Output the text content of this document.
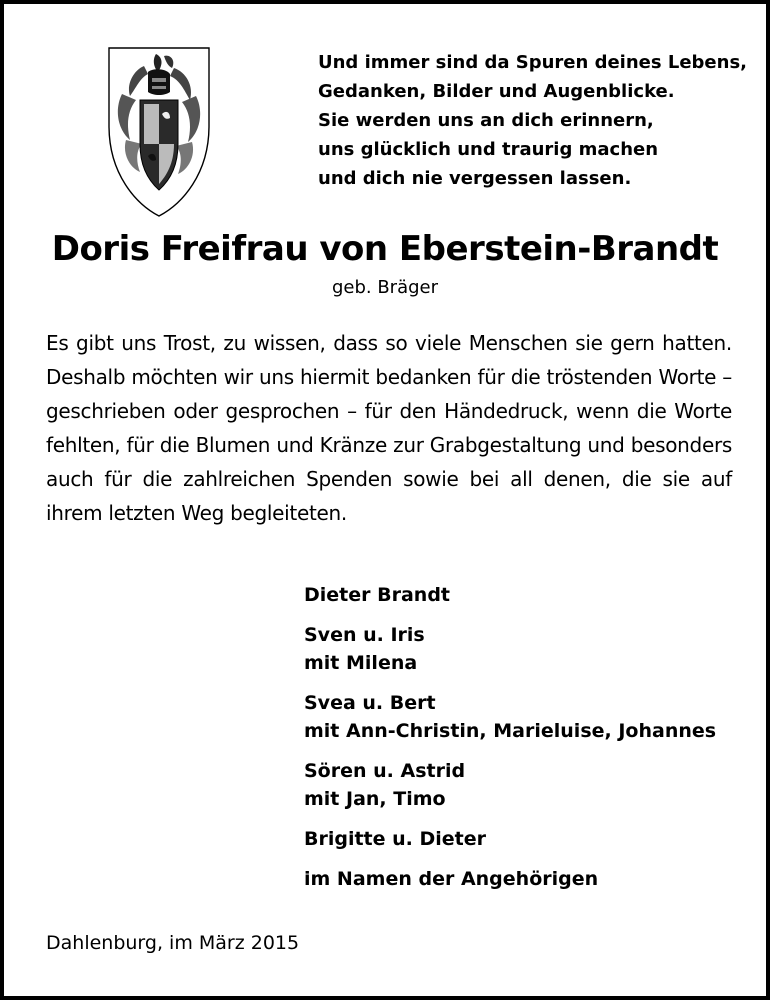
Und immer sind da Spuren deines Lebens,
Gedanken, Bilder und Augenblicke.
Sie werden uns an dich erinnern,
uns glücklich und traurig machen
und dich nie vergessen lassen.
Doris Freifrau von Eberstein-Brandt
geb. Bräger
Es gibt uns Trost, zu wissen, dass so viele Menschen sie gern hatten. Deshalb möchten wir uns hiermit bedanken für die tröstenden Worte – geschrieben oder gesprochen – für den Händedruck, wenn die Worte fehlten, für die Blumen und Kränze zur Grabgestaltung und besonders auch für die zahlreichen Spenden sowie bei all denen, die sie auf ihrem letzten Weg begleiteten.
Dieter Brandt
Sven u. Iris
mit Milena
Svea u. Bert
mit Ann-Christin, Marieluise, Johannes
Sören u. Astrid
mit Jan, Timo
Brigitte u. Dieter
im Namen der Angehörigen
Dahlenburg, im März 2015
